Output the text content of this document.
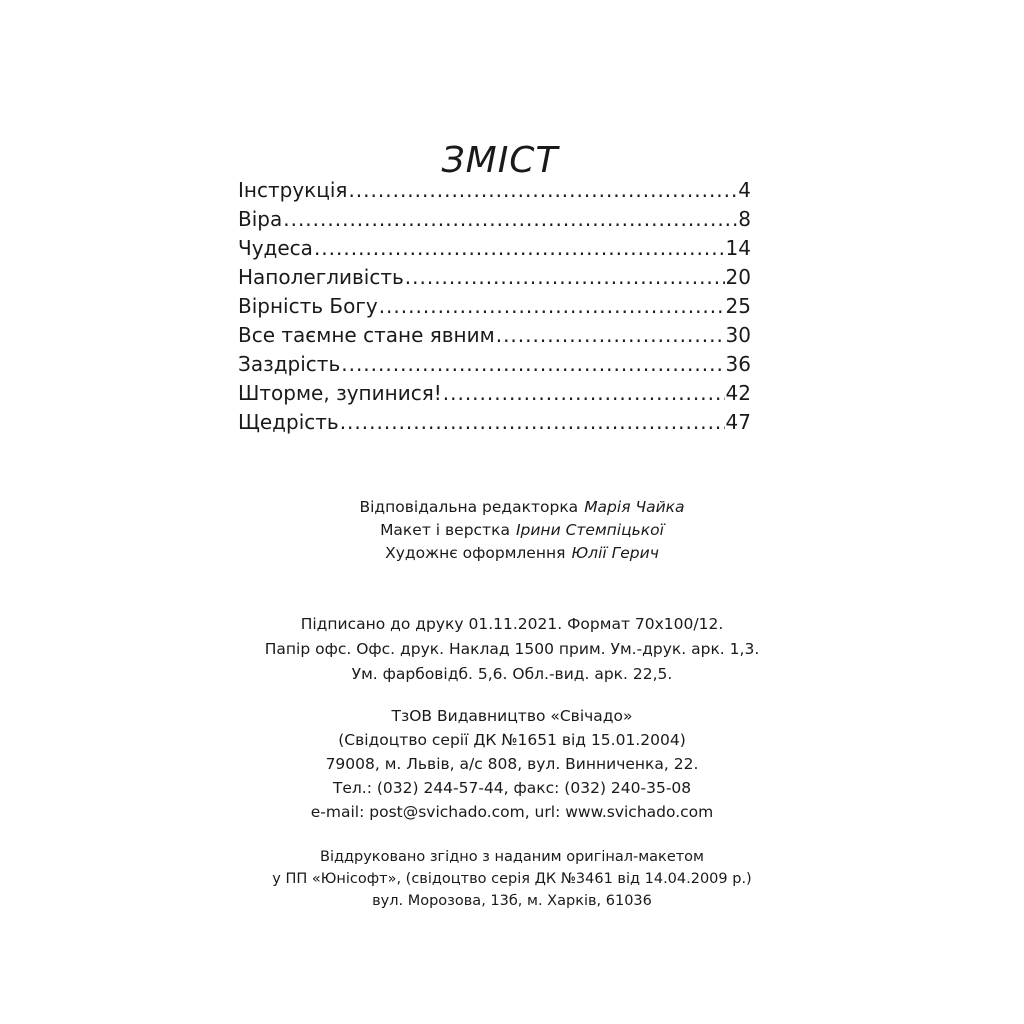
ЗМІСТ
Інструкція .....	4
Віра .....	8
Чудеса .....	14
Наполегливість .....	20
Вірність Богу .....	25
Все таємне стане явним .....	30
Заздрість .....	36
Шторме, зупинися! .....	42
Щедрість .....	47
Відповідальна редакторка Марія Чайка
Макет і верстка Ірини Стемпіцької
Художнє оформлення Юлії Герич
Підписано до друку 01.11.2021. Формат 70х100/12.
Папір офс. Офс. друк. Наклад 1500 прим. Ум.-друк. арк. 1,3.
Ум. фарбовідб. 5,6. Обл.-вид. арк. 22,5.
ТзОВ Видавництво «Свічадо»
(Свідоцтво серії ДК №1651 від 15.01.2004)
79008, м. Львів, а/с 808, вул. Винниченка, 22.
Тел.: (032) 244-57-44, факс: (032) 240-35-08
e-mail: post@svichado.com, url: www.svichado.com
Віддруковано згідно з наданим оригінал-макетом
у ПП «Юнісофт», (свідоцтво серія ДК №3461 від 14.04.2009 р.)
вул. Морозова, 13б, м. Харків, 61036
